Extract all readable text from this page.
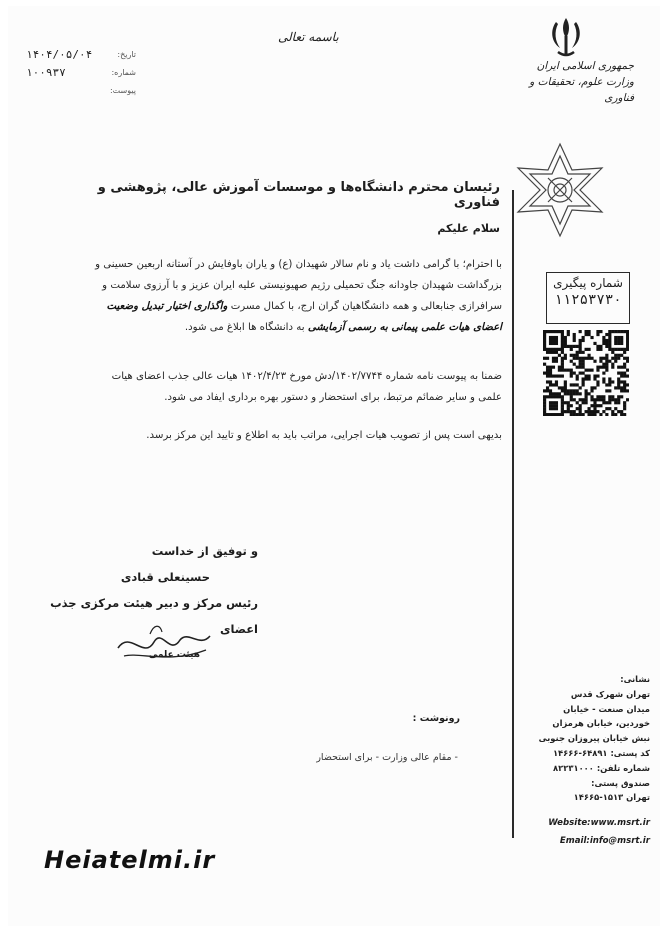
جمهوری اسلامی ایران
وزارت علوم، تحقیقات و فناوری
باسمه تعالی
تاریخ:
۱۴۰۴/۰۵/۰۴
شماره:
۱۰۰۹۳۷
پیوست:
شماره پیگیری
۱۱۲۵۳۷۳۰
رئیسان محترم دانشگاه‌ها و موسسات آموزش عالی، پژوهشی و فناوری
سلام علیکم
با احترام؛ با گرامی داشت یاد و نام سالار شهیدان (ع) و یاران باوفایش در آستانه اربعین حسینی و بزرگداشت شهیدان جاودانه جنگ تحمیلی رژیم صهیونیستی علیه ایران عزیز و با آرزوی سلامت و سرافرازی جنابعالی و همه دانشگاهیان گران ارج، با کمال مسرت واگذاری اختیار تبدیل وضعیت اعضای هیات علمی پیمانی به رسمی آزمایشی به دانشگاه ها ابلاغ می شود.
ضمنا به پیوست نامه شماره ۱۴۰۲/۷۷۴۴/دش مورخ ۱۴۰۲/۴/۲۳ هیات عالی جذب اعضای هیات علمی و سایر ضمائم مرتبط، برای استحضار و دستور بهره برداری ایفاد می شود.
بدیهی است پس از تصویب هیات اجرایی، مراتب باید به اطلاع و تایید این مرکز برسد.
و توفیق از خداست
حسینعلی قبادی
رئیس مرکز و دبیر هیئت مرکزی جذب اعضای
هیئت علمی
رونوشت :
- مقام عالی وزارت - برای استحضار
نشانی:
تهران شهرک قدس
میدان صنعت - خیابان
خوردین، خیابان هرمزان
نبش خیابان پیروزان جنوبی
کد پستی: ۶۴۸۹۱-۱۴۶۶۶
شماره تلفن: ۸۲۲۳۱۰۰۰
صندوق پستی:
تهران ۱۵۱۳-۱۴۶۶۵
Website:www.msrt.ir
Email:info@msrt.ir
Heiatelmi.ir
